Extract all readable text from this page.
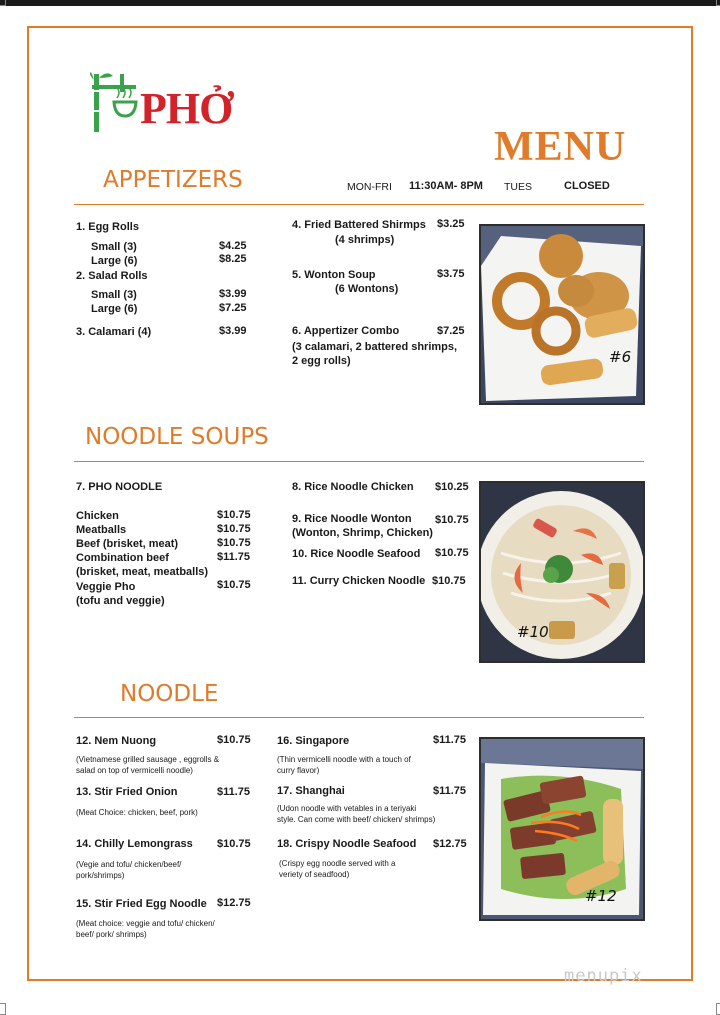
PHỞ
MENU
APPETIZERS	MON-FRI 11:30AM- 8PM TUES	CLOSED
1. Egg Rolls
Small (3)	$4.25
Large (6)	$8.25
2. Salad Rolls
Small (3)	$3.99
Large (6)	$7.25
3. Calamari (4)	$3.99
4. Fried Battered Shirmps $3.25
(4 shrimps)
5. Wonton Soup	$3.75
(6 Wontons)
6. Appertizer Combo	$7.25
(3 calamari, 2 battered shrimps,
2 egg rolls)	#6
NOODLE SOUPS
7. PHO NOODLE
Chicken	$10.75
Meatballs	$10.75
Beef (brisket, meat)	$10.75
Combination beef	$11.75
(brisket, meat, meatballs)
Veggie Pho	$10.75
(tofu and veggie)
8. Rice Noodle Chicken $10.25
9. Rice Noodle Wonton $10.75
(Wonton, Shrimp, Chicken)
10. Rice Noodle Seafood $10.75
11. Curry Chicken Noodle $10.75
#10
NOODLE
12. Nem Nuong	$10.75
(Vietnamese grilled sausage , eggrolls &
salad on top of vermicelli noodle)
13. Stir Fried Onion	$11.75
(Meat Choice: chicken, beef, pork)
14. Chilly Lemongrass $10.75
(Vegie and tofu/ chicken/beef/
pork/shrimps)
15. Stir Fried Egg Noodle $12.75
(Meat choice: veggie and tofu/ chicken/
beef/ pork/ shrimps)
16. Singapore	$11.75
(Thin vermicelli noodle with a touch of
curry flavor)
17. Shanghai	$11.75
(Udon noodle with vetables in a teriyaki
style. Can come with beef/ chicken/ shrimps)
18. Crispy Noodle Seafood $12.75
(Crispy egg noodle served with a
veriety of seadfood)
#12
menupix
